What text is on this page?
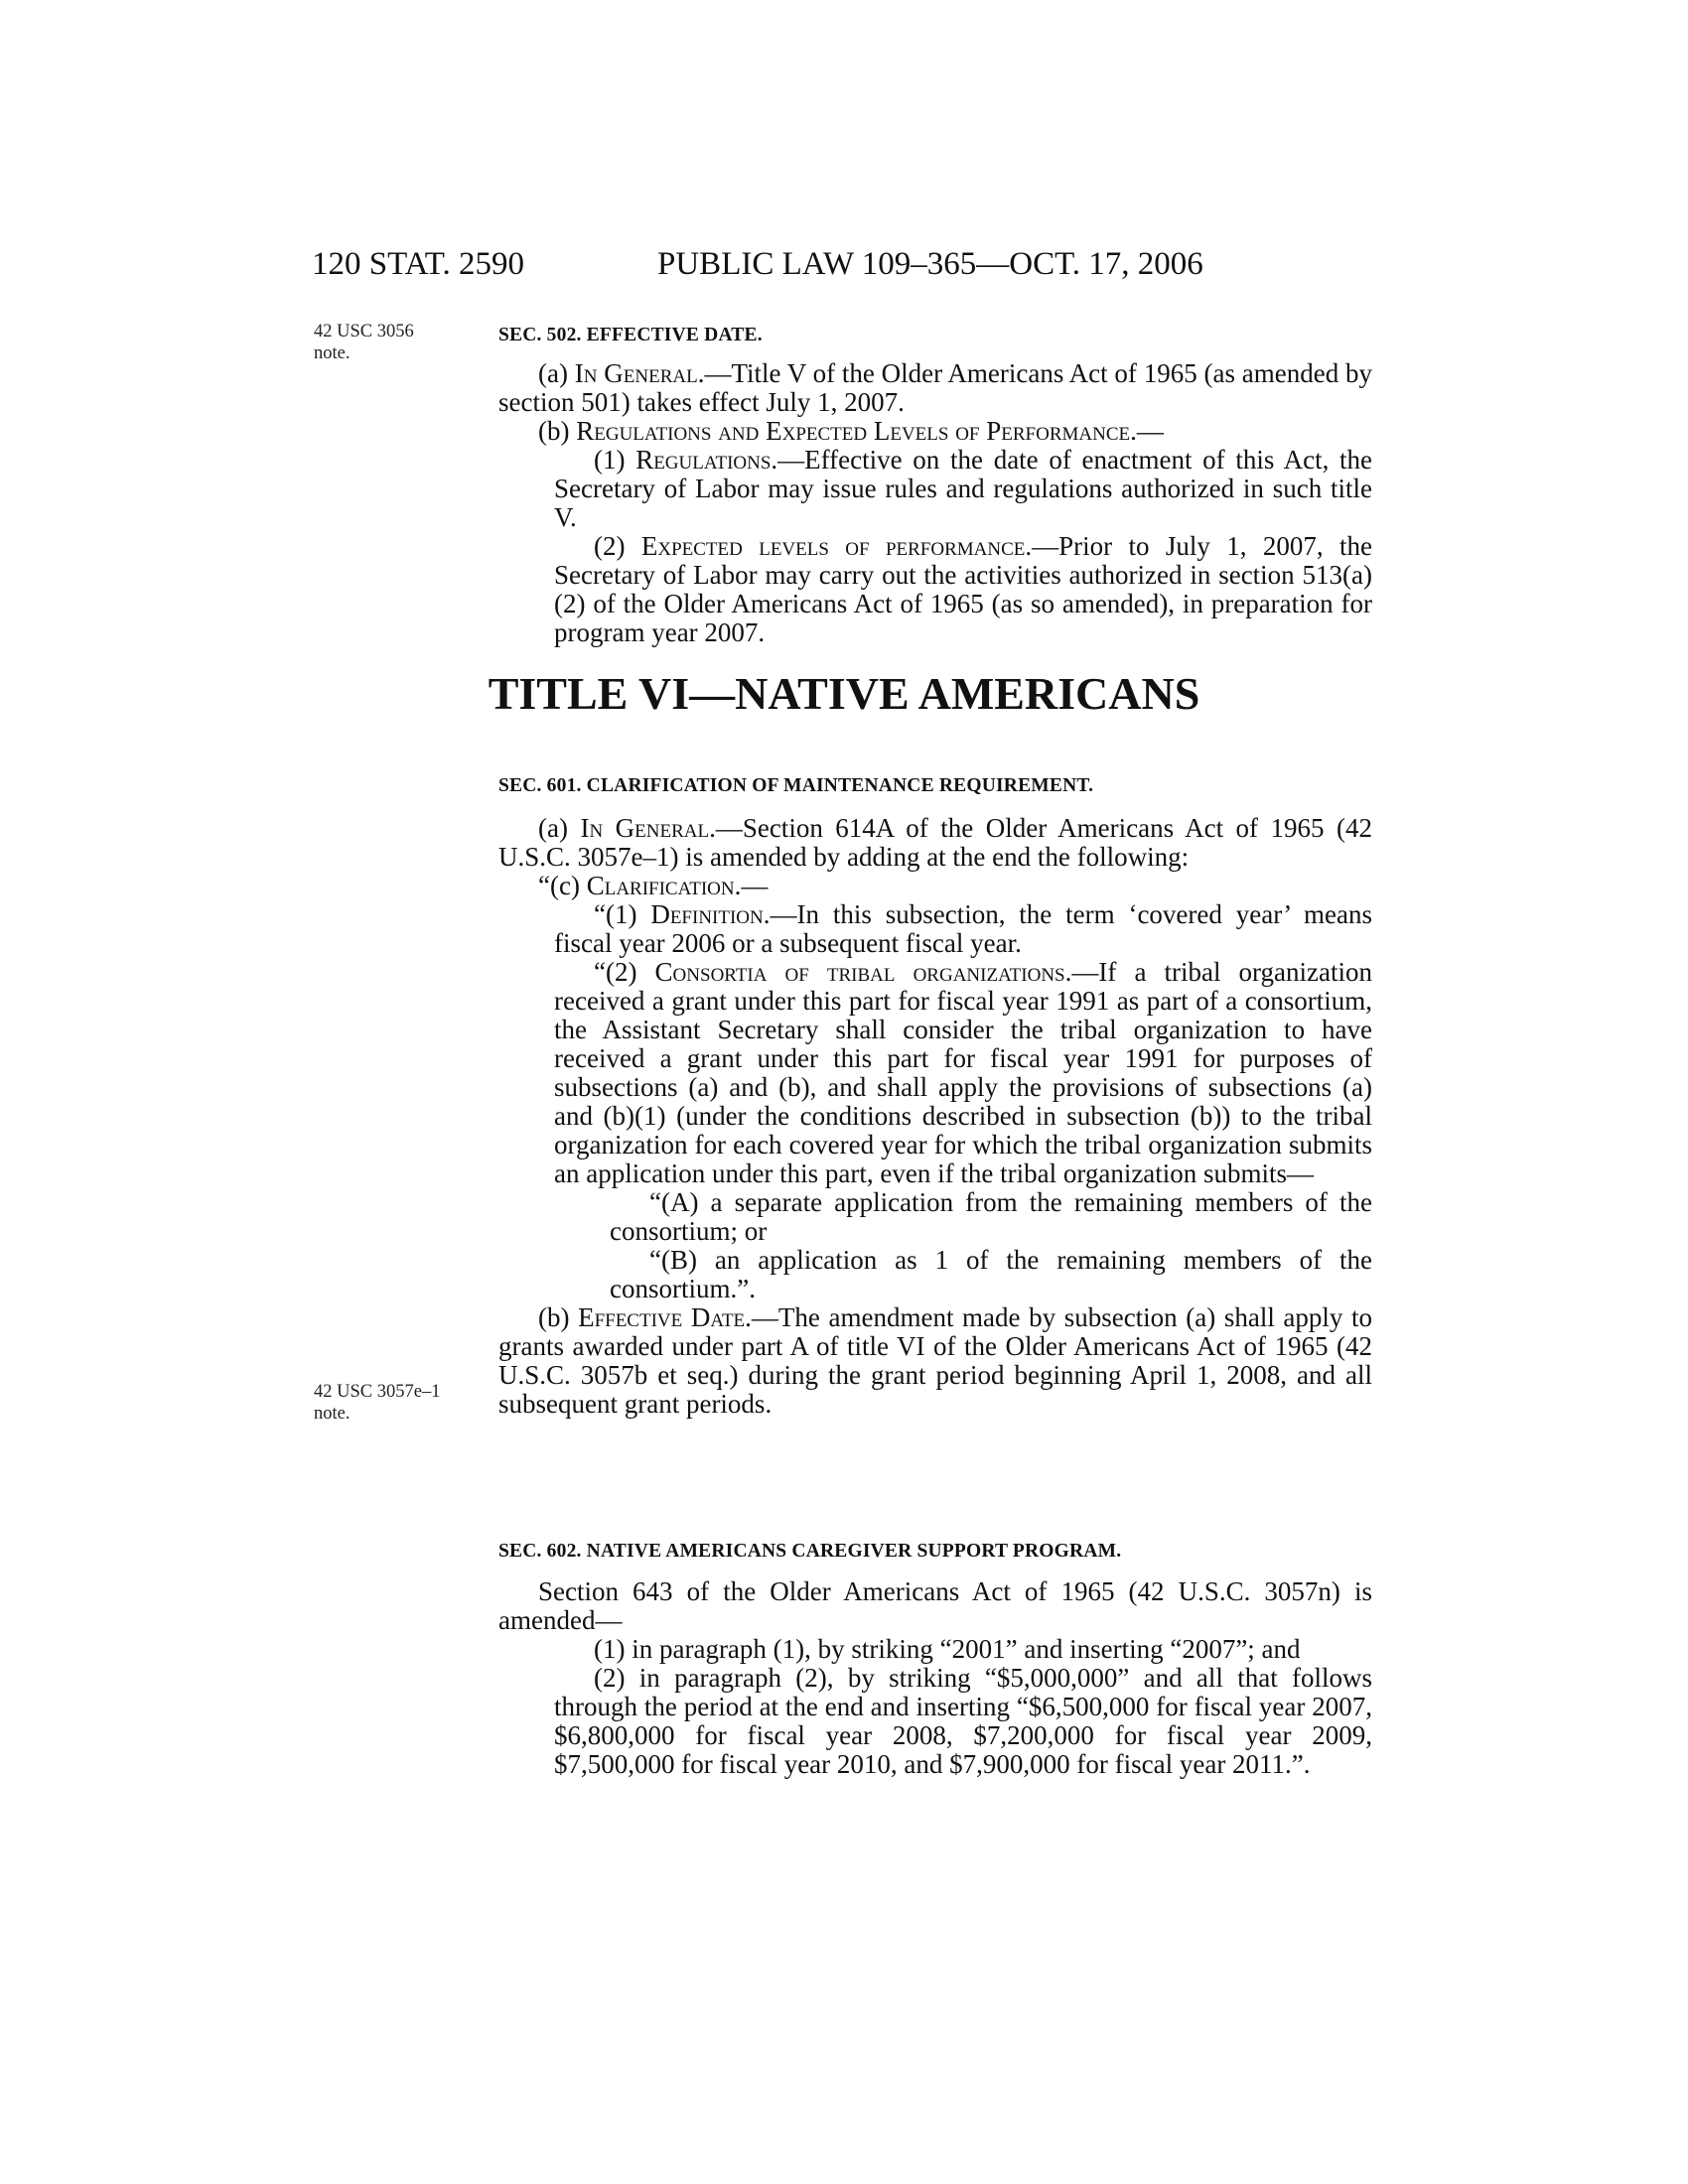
120 STAT. 2590	PUBLIC LAW 109–365—OCT. 17, 2006
42 USC 3056
note.
42 USC 3057e–1
note.
SEC. 502. EFFECTIVE DATE.

(a) In General.—Title V of the Older Americans Act of 1965 (as amended by section 501) takes effect July 1, 2007.

(b) Regulations and Expected Levels of Performance.—

(1) Regulations.—Effective on the date of enactment of this Act, the Secretary of Labor may issue rules and regulations authorized in such title V.

(2) Expected levels of performance.—Prior to July 1, 2007, the Secretary of Labor may carry out the activities authorized in section 513(a)(2) of the Older Americans Act of 1965 (as so amended), in preparation for program year 2007.

TITLE VI—NATIVE AMERICANS
SEC. 601. CLARIFICATION OF MAINTENANCE REQUIREMENT.

(a) In General.—Section 614A of the Older Americans Act of 1965 (42 U.S.C. 3057e–1) is amended by adding at the end the following:

“(c) Clarification.—

“(1) Definition.—In this subsection, the term ‘covered year’ means fiscal year 2006 or a subsequent fiscal year.

“(2) Consortia of tribal organizations.—If a tribal organization received a grant under this part for fiscal year 1991 as part of a consortium, the Assistant Secretary shall consider the tribal organization to have received a grant under this part for fiscal year 1991 for purposes of subsections (a) and (b), and shall apply the provisions of subsections (a) and (b)(1) (under the conditions described in subsection (b)) to the tribal organization for each covered year for which the tribal organization submits an application under this part, even if the tribal organization submits—

“(A) a separate application from the remaining members of the consortium; or

“(B) an application as 1 of the remaining members of the consortium.”.

(b) Effective Date.—The amendment made by subsection (a) shall apply to grants awarded under part A of title VI of the Older Americans Act of 1965 (42 U.S.C. 3057b et seq.) during the grant period beginning April 1, 2008, and all subsequent grant periods.

SEC. 602. NATIVE AMERICANS CAREGIVER SUPPORT PROGRAM.

Section 643 of the Older Americans Act of 1965 (42 U.S.C. 3057n) is amended—

(1) in paragraph (1), by striking “2001” and inserting “2007”; and

(2) in paragraph (2), by striking “$5,000,000” and all that follows through the period at the end and inserting “$6,500,000 for fiscal year 2007, $6,800,000 for fiscal year 2008, $7,200,000 for fiscal year 2009, $7,500,000 for fiscal year 2010, and $7,900,000 for fiscal year 2011.”.
